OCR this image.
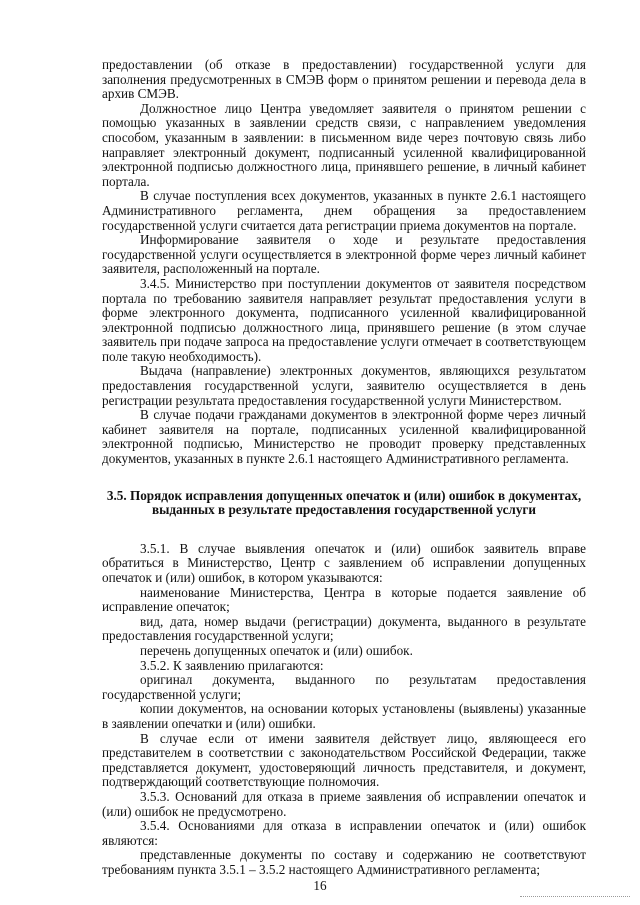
предоставлении (об отказе в предоставлении) государственной услуги для заполнения предусмотренных в СМЭВ форм о принятом решении и перевода дела в архив СМЭВ.

Должностное лицо Центра уведомляет заявителя о принятом решении с помощью указанных в заявлении средств связи, с направлением уведомления способом, указанным в заявлении: в письменном виде через почтовую связь либо направляет электронный документ, подписанный усиленной квалифицированной электронной подписью должностного лица, принявшего решение, в личный кабинет портала.

В случае поступления всех документов, указанных в пункте 2.6.1 настоящего Административного регламента, днем обращения за предоставлением государственной услуги считается дата регистрации приема документов на портале.

Информирование заявителя о ходе и результате предоставления государственной услуги осуществляется в электронной форме через личный кабинет заявителя, расположенный на портале.

3.4.5. Министерство при поступлении документов от заявителя посредством портала по требованию заявителя направляет результат предоставления услуги в форме электронного документа, подписанного усиленной квалифицированной электронной подписью должностного лица, принявшего решение (в этом случае заявитель при подаче запроса на предоставление услуги отмечает в соответствующем поле такую необходимость).

Выдача (направление) электронных документов, являющихся результатом предоставления государственной услуги, заявителю осуществляется в день регистрации результата предоставления государственной услуги Министерством.

В случае подачи гражданами документов в электронной форме через личный кабинет заявителя на портале, подписанных усиленной квалифицированной электронной подписью, Министерство не проводит проверку представленных документов, указанных в пункте 2.6.1 настоящего Административного регламента.

3.5. Порядок исправления допущенных опечаток и (или) ошибок в документах, выданных в результате предоставления государственной услуги

3.5.1. В случае выявления опечаток и (или) ошибок заявитель вправе обратиться в Министерство, Центр с заявлением об исправлении допущенных опечаток и (или) ошибок, в котором указываются:

наименование Министерства, Центра в которые подается заявление об исправление опечаток;

вид, дата, номер выдачи (регистрации) документа, выданного в результате предоставления государственной услуги;

перечень допущенных опечаток и (или) ошибок.

3.5.2. К заявлению прилагаются:

оригинал документа, выданного по результатам предоставления государственной услуги;

копии документов, на основании которых установлены (выявлены) указанные в заявлении опечатки и (или) ошибки.

В случае если от имени заявителя действует лицо, являющееся его представителем в соответствии с законодательством Российской Федерации, также представляется документ, удостоверяющий личность представителя, и документ, подтверждающий соответствующие полномочия.

3.5.3. Оснований для отказа в приеме заявления об исправлении опечаток и (или) ошибок не предусмотрено.

3.5.4. Основаниями для отказа в исправлении опечаток и (или) ошибок являются:

представленные документы по составу и содержанию не соответствуют требованиям пункта 3.5.1 – 3.5.2 настоящего Административного регламента;

16
